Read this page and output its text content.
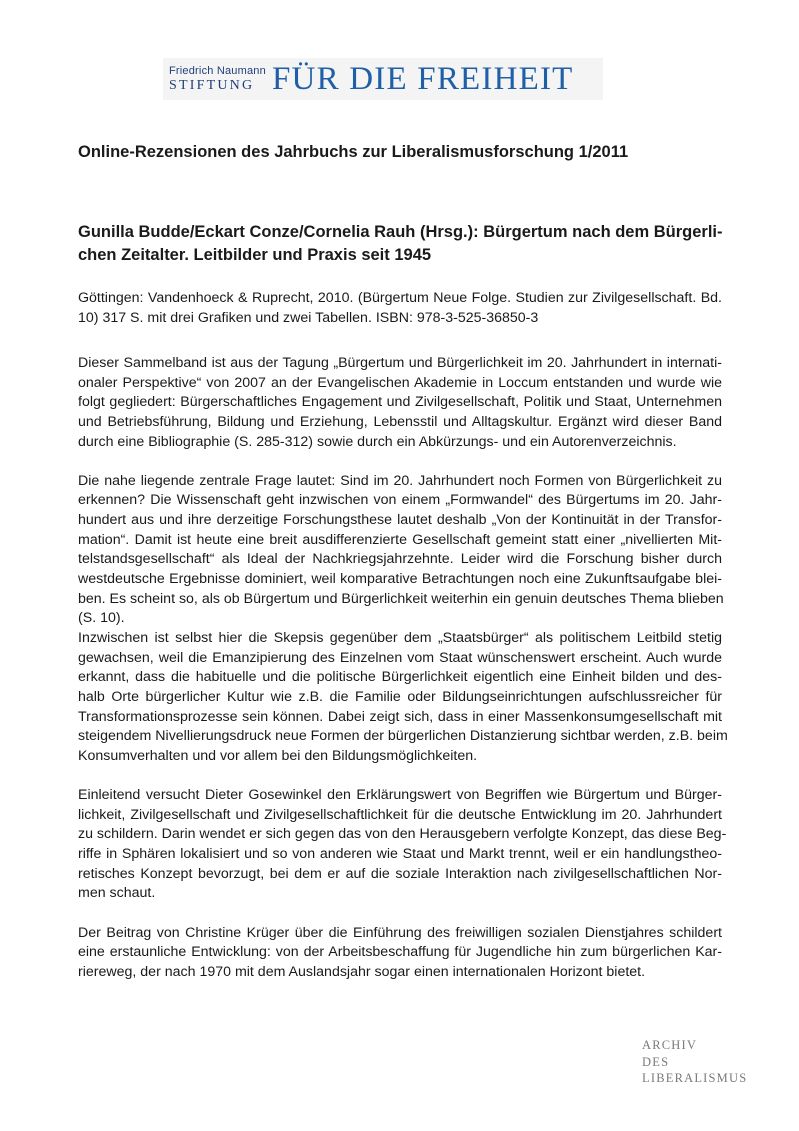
Friedrich Naumann
STIFTUNG FÜR DIE FREIHEIT
Online-Rezensionen des Jahrbuchs zur Liberalismusforschung 1/2011
Gunilla Budde/Eckart Conze/Cornelia Rauh (Hrsg.): Bürgertum nach dem Bürgerli-
chen Zeitalter. Leitbilder und Praxis seit 1945
Göttingen: Vandenhoeck & Ruprecht, 2010. (Bürgertum Neue Folge. Studien zur Zivilgesellschaft. Bd.
10) 317 S. mit drei Grafiken und zwei Tabellen. ISBN: 978-3-525-36850-3
Dieser Sammelband ist aus der Tagung „Bürgertum und Bürgerlichkeit im 20. Jahrhundert in internati-
onaler Perspektive“ von 2007 an der Evangelischen Akademie in Loccum entstanden und wurde wie
folgt gegliedert: Bürgerschaftliches Engagement und Zivilgesellschaft, Politik und Staat, Unternehmen
und Betriebsführung, Bildung und Erziehung, Lebensstil und Alltagskultur. Ergänzt wird dieser Band
durch eine Bibliographie (S. 285-312) sowie durch ein Abkürzungs- und ein Autorenverzeichnis.
Die nahe liegende zentrale Frage lautet: Sind im 20. Jahrhundert noch Formen von Bürgerlichkeit zu
erkennen? Die Wissenschaft geht inzwischen von einem „Formwandel“ des Bürgertums im 20. Jahr-
hundert aus und ihre derzeitige Forschungsthese lautet deshalb „Von der Kontinuität in der Transfor-
mation“. Damit ist heute eine breit ausdifferenzierte Gesellschaft gemeint statt einer „nivellierten Mit-
telstandsgesellschaft“ als Ideal der Nachkriegsjahrzehnte. Leider wird die Forschung bisher durch
westdeutsche Ergebnisse dominiert, weil komparative Betrachtungen noch eine Zukunftsaufgabe blei-
ben. Es scheint so, als ob Bürgertum und Bürgerlichkeit weiterhin ein genuin deutsches Thema blieben
(S. 10).
Inzwischen ist selbst hier die Skepsis gegenüber dem „Staatsbürger“ als politischem Leitbild stetig
gewachsen, weil die Emanzipierung des Einzelnen vom Staat wünschenswert erscheint. Auch wurde
erkannt, dass die habituelle und die politische Bürgerlichkeit eigentlich eine Einheit bilden und des-
halb Orte bürgerlicher Kultur wie z.B. die Familie oder Bildungseinrichtungen aufschlussreicher für
Transformationsprozesse sein können. Dabei zeigt sich, dass in einer Massenkonsumgesellschaft mit
steigendem Nivellierungsdruck neue Formen der bürgerlichen Distanzierung sichtbar werden, z.B. beim
Konsumverhalten und vor allem bei den Bildungsmöglichkeiten.
Einleitend versucht Dieter Gosewinkel den Erklärungswert von Begriffen wie Bürgertum und Bürger-
lichkeit, Zivilgesellschaft und Zivilgesellschaftlichkeit für die deutsche Entwicklung im 20. Jahrhundert
zu schildern. Darin wendet er sich gegen das von den Herausgebern verfolgte Konzept, das diese Beg-
riffe in Sphären lokalisiert und so von anderen wie Staat und Markt trennt, weil er ein handlungstheo-
retisches Konzept bevorzugt, bei dem er auf die soziale Interaktion nach zivilgesellschaftlichen Nor-
men schaut.
Der Beitrag von Christine Krüger über die Einführung des freiwilligen sozialen Dienstjahres schildert
eine erstaunliche Entwicklung: von der Arbeitsbeschaffung für Jugendliche hin zum bürgerlichen Kar-
riereweg, der nach 1970 mit dem Auslandsjahr sogar einen internationalen Horizont bietet.
ARCHIV
DES
LIBERALISMUS
